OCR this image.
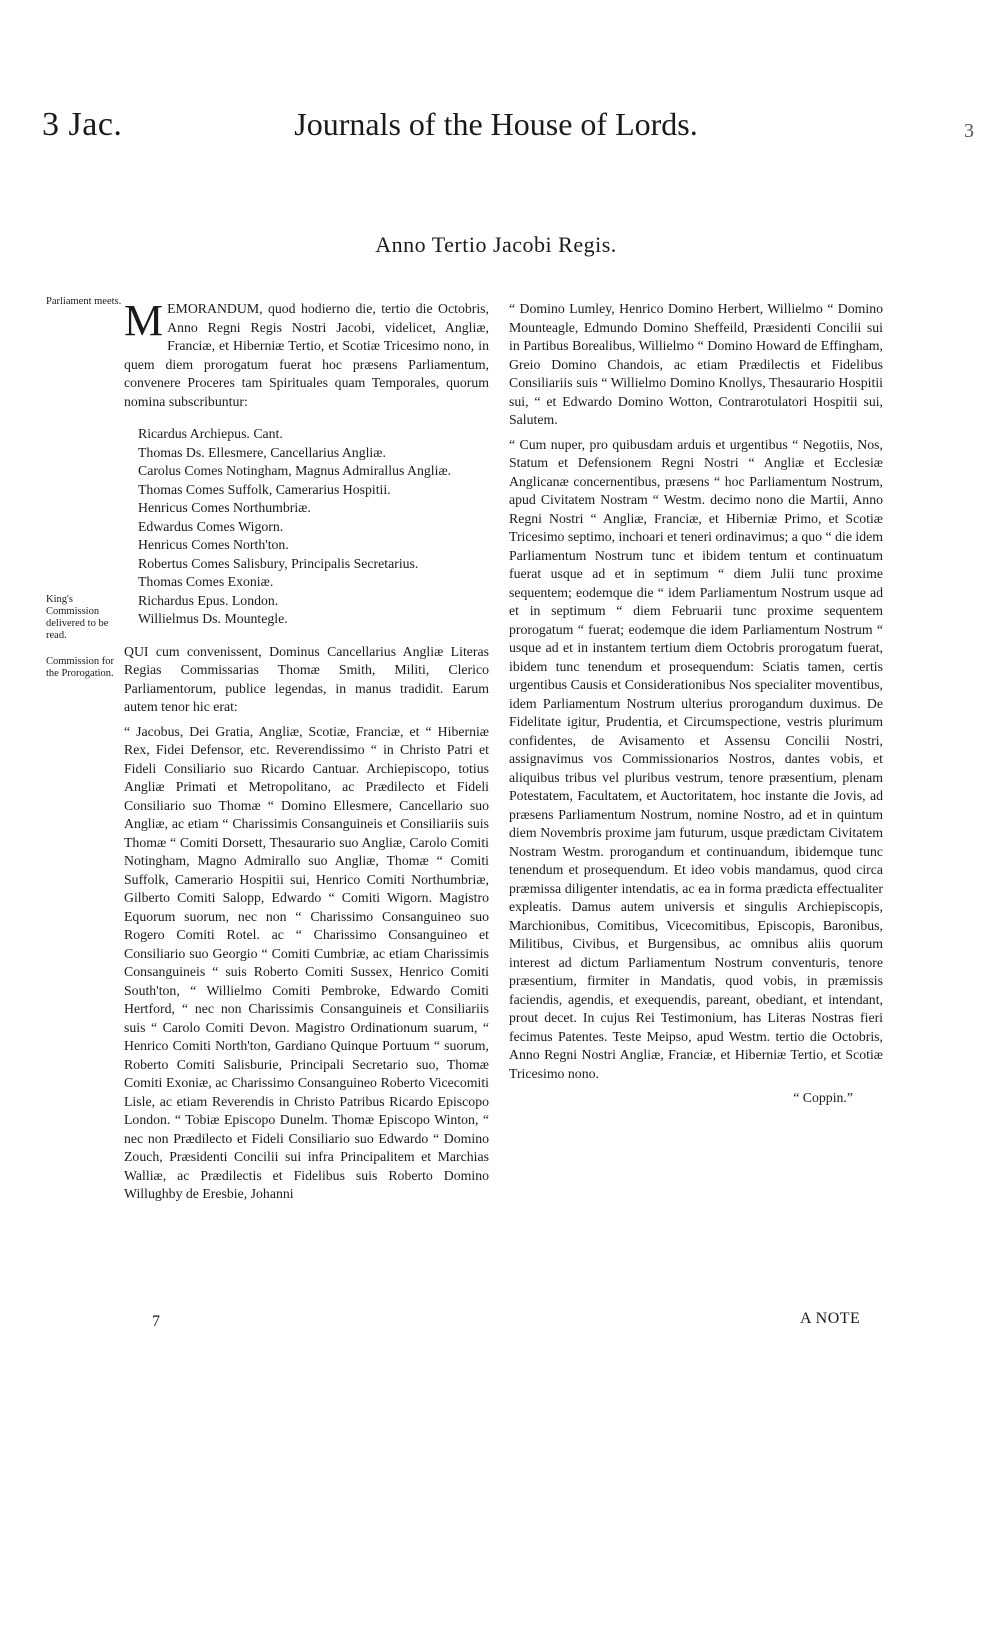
3 Jac.	Journals of the House of Lords.	3
Anno Tertio Jacobi Regis.
Parliament meets.
King's Commission delivered to be read.
Commission for the Prorogation.

MEMORANDUM, quod hodierno die, tertio die Octobris, Anno Regni Regis Nostri Jacobi, videlicet, Angliæ, Franciæ, et Hiberniæ Tertio, et Scotiæ Tricesimo nono, in quem diem prorogatum fuerat hoc præsens Parliamentum, convenere Proceres tam Spirituales quam Temporales, quorum nomina subscribuntur:

Ricardus Archiepus. Cant.
Thomas Ds. Ellesmere, Cancellarius Angliæ.
Carolus Comes Notingham, Magnus Admirallus Angliæ.
Thomas Comes Suffolk, Camerarius Hospitii.
Henricus Comes Northumbriæ.
Edwardus Comes Wigorn.
Henricus Comes North'ton.
Robertus Comes Salisbury, Principalis Secretarius.
Thomas Comes Exoniæ.
Richardus Epus. London.
Willielmus Ds. Mountegle.

QUI cum convenissent, Dominus Cancellarius Angliæ Literas Regias Commissarias Thomæ Smith, Militi, Clerico Parliamentorum, publice legendas, in manus tradidit. Earum autem tenor hic erat:

“ Jacobus, Dei Gratia, Angliæ, Scotiæ, Franciæ, et “ Hiberniæ Rex, Fidei Defensor, etc. Reverendissimo “ in Christo Patri et Fideli Consiliario suo Ricardo Cantuar. Archiepiscopo, totius Angliæ Primati et Metropolitano, ac Prædilecto et Fideli Consiliario suo Thomæ “ Domino Ellesmere, Cancellario suo Angliæ, ac etiam “ Charissimis Consanguineis et Consiliariis suis Thomæ “ Comiti Dorsett, Thesaurario suo Angliæ, Carolo Comiti Notingham, Magno Admirallo suo Angliæ, Thomæ “ Comiti Suffolk, Camerario Hospitii sui, Henrico Comiti Northumbriæ, Gilberto Comiti Salopp, Edwardo “ Comiti Wigorn. Magistro Equorum suorum, nec non “ Charissimo Consanguineo suo Rogero Comiti Rotel. ac “ Charissimo Consanguineo et Consiliario suo Georgio “ Comiti Cumbriæ, ac etiam Charissimis Consanguineis “ suis Roberto Comiti Sussex, Henrico Comiti South'ton, “ Willielmo Comiti Pembroke, Edwardo Comiti Hertford, “ nec non Charissimis Consanguineis et Consiliariis suis “ Carolo Comiti Devon. Magistro Ordinationum suarum, “ Henrico Comiti North'ton, Gardiano Quinque Portuum “ suorum, Roberto Comiti Salisburie, Principali Secretario suo, Thomæ Comiti Exoniæ, ac Charissimo Consanguineo Roberto Vicecomiti Lisle, ac etiam Reverendis in Christo Patribus Ricardo Episcopo London. “ Tobiæ Episcopo Dunelm. Thomæ Episcopo Winton, “ nec non Prædilecto et Fideli Consiliario suo Edwardo “ Domino Zouch, Præsidenti Concilii sui infra Principalitem et Marchias Walliæ, ac Prædilectis et Fidelibus suis Roberto Domino Willughby de Eresbie, Johanni

“ Domino Lumley, Henrico Domino Herbert, Willielmo “ Domino Mounteagle, Edmundo Domino Sheffeild, Præsidenti Concilii sui in Partibus Borealibus, Willielmo “ Domino Howard de Effingham, Greio Domino Chandois, ac etiam Prædilectis et Fidelibus Consiliariis suis “ Willielmo Domino Knollys, Thesaurario Hospitii sui, “ et Edwardo Domino Wotton, Contrarotulatori Hospitii sui, Salutem.

“ Cum nuper, pro quibusdam arduis et urgentibus “ Negotiis, Nos, Statum et Defensionem Regni Nostri “ Angliæ et Ecclesiæ Anglicanæ concernentibus, præsens “ hoc Parliamentum Nostrum, apud Civitatem Nostram “ Westm. decimo nono die Martii, Anno Regni Nostri “ Angliæ, Franciæ, et Hiberniæ Primo, et Scotiæ Tricesimo septimo, inchoari et teneri ordinavimus; a quo “ die idem Parliamentum Nostrum tunc et ibidem tentum et continuatum fuerat usque ad et in septimum “ diem Julii tunc proxime sequentem; eodemque die “ idem Parliamentum Nostrum usque ad et in septimum “ diem Februarii tunc proxime sequentem prorogatum “ fuerat; eodemque die idem Parliamentum Nostrum “ usque ad et in instantem tertium diem Octobris prorogatum fuerat, ibidem tunc tenendum et prosequendum: Sciatis tamen, certis urgentibus Causis et Considerationibus Nos specialiter moventibus, idem Parliamentum Nostrum ulterius prorogandum duximus. De Fidelitate igitur, Prudentia, et Circumspectione, vestris plurimum confidentes, de Avisamento et Assensu Concilii Nostri, assignavimus vos Commissionarios Nostros, dantes vobis, et aliquibus tribus vel pluribus vestrum, tenore præsentium, plenam Potestatem, Facultatem, et Auctoritatem, hoc instante die Jovis, ad præsens Parliamentum Nostrum, nomine Nostro, ad et in quintum diem Novembris proxime jam futurum, usque prædictam Civitatem Nostram Westm. prorogandum et continuandum, ibidemque tunc tenendum et prosequendum. Et ideo vobis mandamus, quod circa præmissa diligenter intendatis, ac ea in forma prædicta effectualiter expleatis. Damus autem universis et singulis Archiepiscopis, Marchionibus, Comitibus, Vicecomitibus, Episcopis, Baronibus, Militibus, Civibus, et Burgensibus, ac omnibus aliis quorum interest ad dictum Parliamentum Nostrum conventuris, tenore præsentium, firmiter in Mandatis, quod vobis, in præmissis faciendis, agendis, et exequendis, pareant, obediant, et intendant, prout decet. In cujus Rei Testimonium, has Literas Nostras fieri fecimus Patentes. Teste Meipso, apud Westm. tertio die Octobris, Anno Regni Nostri Angliæ, Franciæ, et Hiberniæ Tertio, et Scotiæ Tricesimo nono.

“ Coppin.”

7	A NOTE
